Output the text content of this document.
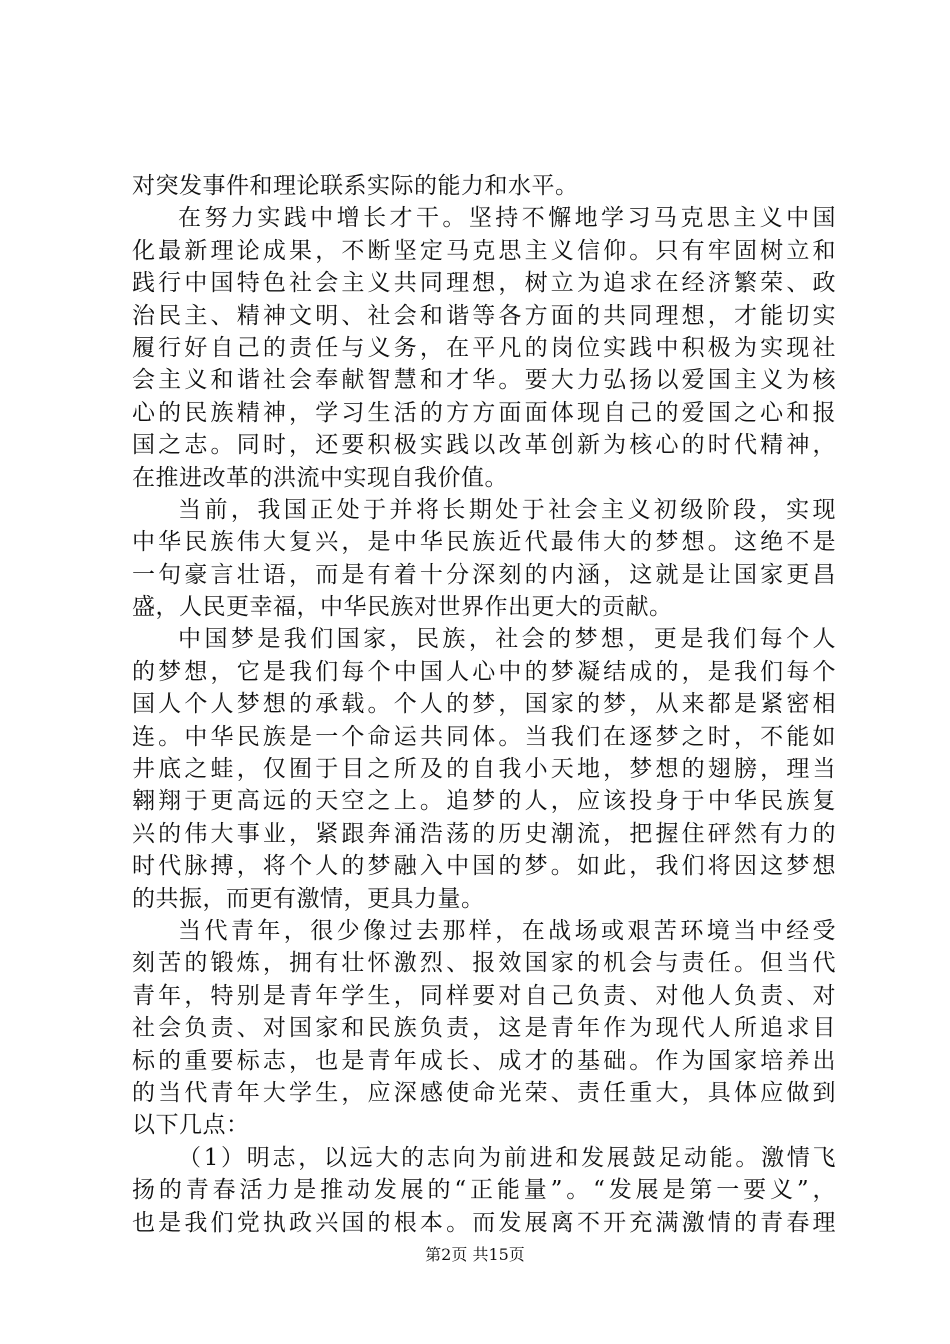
对突发事件和理论联系实际的能力和水平。
在努力实践中增长才干。坚持不懈地学习马克思主义中国
化最新理论成果，不断坚定马克思主义信仰。只有牢固树立和
践行中国特色社会主义共同理想，树立为追求在经济繁荣、政
治民主、精神文明、社会和谐等各方面的共同理想，才能切实
履行好自己的责任与义务，在平凡的岗位实践中积极为实现社
会主义和谐社会奉献智慧和才华。要大力弘扬以爱国主义为核
心的民族精神，学习生活的方方面面体现自己的爱国之心和报
国之志。同时，还要积极实践以改革创新为核心的时代精神，
在推进改革的洪流中实现自我价值。
当前，我国正处于并将长期处于社会主义初级阶段，实现
中华民族伟大复兴，是中华民族近代最伟大的梦想。这绝不是
一句豪言壮语，而是有着十分深刻的内涵，这就是让国家更昌
盛，人民更幸福，中华民族对世界作出更大的贡献。
中国梦是我们国家，民族，社会的梦想，更是我们每个人
的梦想，它是我们每个中国人心中的梦凝结成的，是我们每个
国人个人梦想的承载。个人的梦，国家的梦，从来都是紧密相
连。中华民族是一个命运共同体。当我们在逐梦之时，不能如
井底之蛙，仅囿于目之所及的自我小天地，梦想的翅膀，理当
翱翔于更高远的天空之上。追梦的人，应该投身于中华民族复
兴的伟大事业，紧跟奔涌浩荡的历史潮流，把握住砰然有力的
时代脉搏，将个人的梦融入中国的梦。如此，我们将因这梦想
的共振，而更有激情，更具力量。
当代青年，很少像过去那样，在战场或艰苦环境当中经受
刻苦的锻炼，拥有壮怀激烈、报效国家的机会与责任。但当代
青年，特别是青年学生，同样要对自己负责、对他人负责、对
社会负责、对国家和民族负责，这是青年作为现代人所追求目
标的重要标志，也是青年成长、成才的基础。作为国家培养出
的当代青年大学生，应深感使命光荣、责任重大，具体应做到
以下几点：
（1）明志，以远大的志向为前进和发展鼓足动能。激情飞
扬的青春活力是推动发展的“正能量”。“发展是第一要义”，
也是我们党执政兴国的根本。而发展离不开充满激情的青春理
第2页 共15页
